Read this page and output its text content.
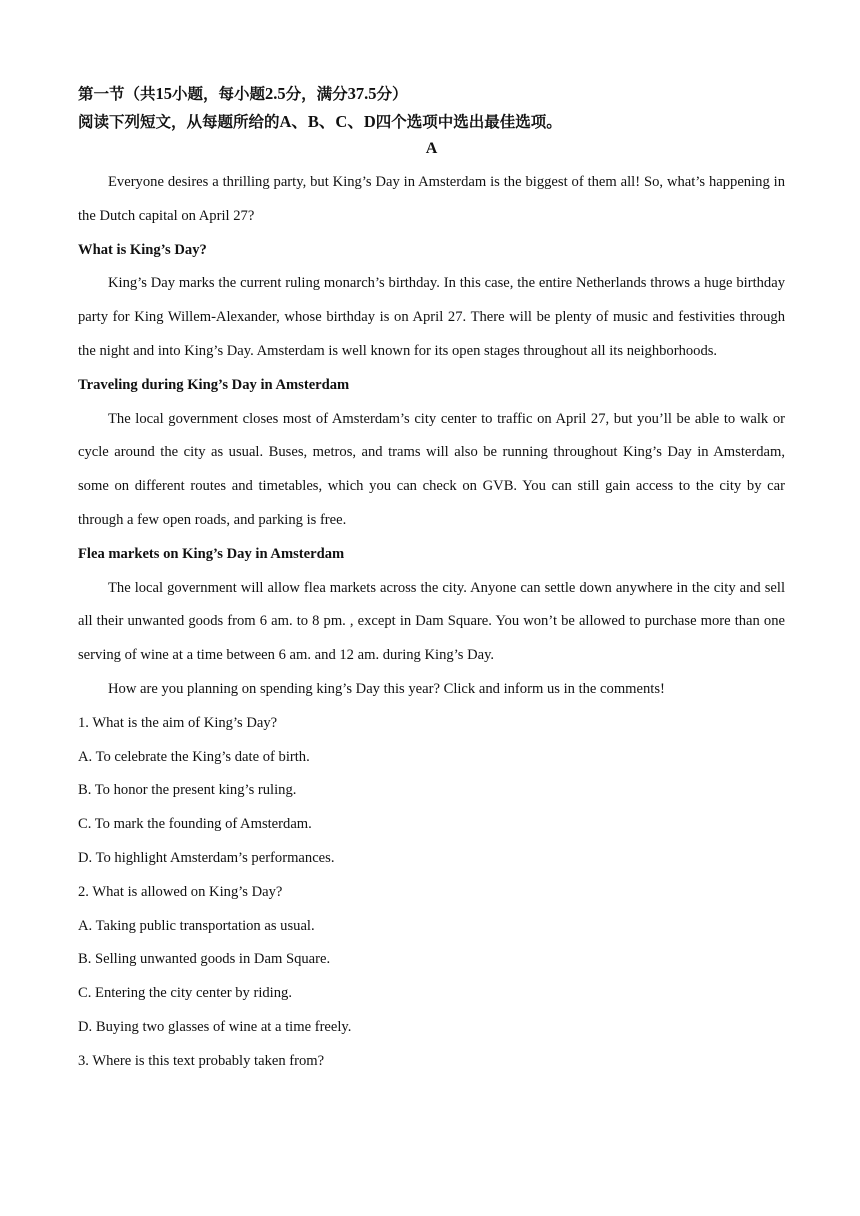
第一节（共15小题，每小题2.5分，满分37.5分）

阅读下列短文，从每题所给的A、B、C、D四个选项中选出最佳选项。

A

Everyone desires a thrilling party, but King’s Day in Amsterdam is the biggest of them all! So, what’s happening in the Dutch capital on April 27?

What is King’s Day?

King’s Day marks the current ruling monarch’s birthday. In this case, the entire Netherlands throws a huge birthday party for King Willem-Alexander, whose birthday is on April 27. There will be plenty of music and festivities through the night and into King’s Day. Amsterdam is well known for its open stages throughout all its neighborhoods.

Traveling during King’s Day in Amsterdam

The local government closes most of Amsterdam’s city center to traffic on April 27, but you’ll be able to walk or cycle around the city as usual. Buses, metros, and trams will also be running throughout King’s Day in Amsterdam, some on different routes and timetables, which you can check on GVB. You can still gain access to the city by car through a few open roads, and parking is free.

Flea markets on King’s Day in Amsterdam

The local government will allow flea markets across the city. Anyone can settle down anywhere in the city and sell all their unwanted goods from 6 am. to 8 pm. , except in Dam Square. You won’t be allowed to purchase more than one serving of wine at a time between 6 am. and 12 am. during King’s Day.

How are you planning on spending king’s Day this year? Click and inform us in the comments!

1. What is the aim of King’s Day?

A. To celebrate the King’s date of birth.

B. To honor the present king’s ruling.

C. To mark the founding of Amsterdam.

D. To highlight Amsterdam’s performances.

2. What is allowed on King’s Day?

A. Taking public transportation as usual.

B. Selling unwanted goods in Dam Square.

C. Entering the city center by riding.

D. Buying two glasses of wine at a time freely.

3. Where is this text probably taken from?
